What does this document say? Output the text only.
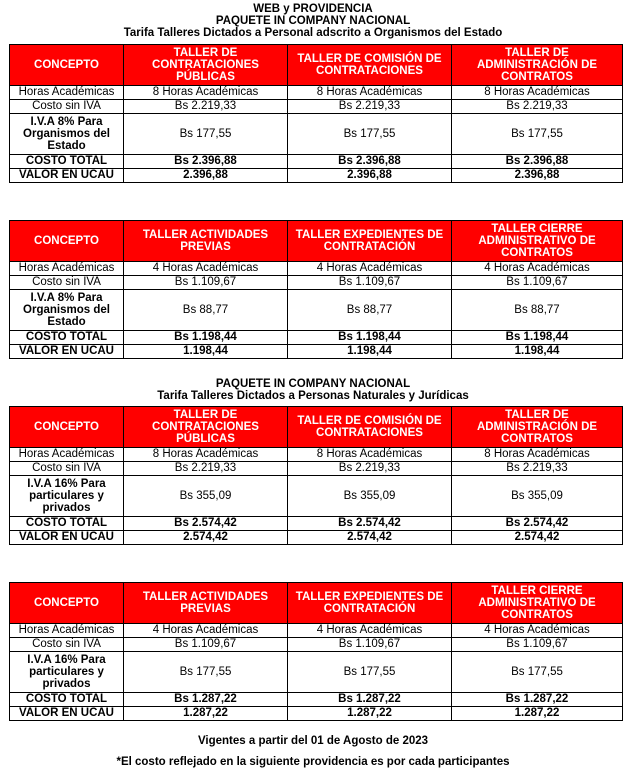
WEB y PROVIDENCIA
PAQUETE IN COMPANY NACIONAL
Tarifa Talleres Dictados a Personal adscrito a Organismos del Estado
CONCEPTO	TALLER DE CONTRATACIONES PÚBLICAS	TALLER DE COMISIÓN DE CONTRATACIONES	TALLER DE ADMINISTRACIÓN DE CONTRATOS
Horas Académicas	8 Horas Académicas	8 Horas Académicas	8 Horas Académicas
Costo sin IVA	Bs 2.219,33	Bs 2.219,33	Bs 2.219,33
I.V.A 8% Para Organismos del Estado	Bs 177,55	Bs 177,55	Bs 177,55
COSTO TOTAL	Bs 2.396,88	Bs 2.396,88	Bs 2.396,88
VALOR EN UCAU	2.396,88	2.396,88	2.396,88
CONCEPTO	TALLER ACTIVIDADES PREVIAS	TALLER EXPEDIENTES DE CONTRATACIÓN	TALLER CIERRE ADMINISTRATIVO DE CONTRATOS
Horas Académicas	4 Horas Académicas	4 Horas Académicas	4 Horas Académicas
Costo sin IVA	Bs 1.109,67	Bs 1.109,67	Bs 1.109,67
I.V.A 8% Para Organismos del Estado	Bs 88,77	Bs 88,77	Bs 88,77
COSTO TOTAL	Bs 1.198,44	Bs 1.198,44	Bs 1.198,44
VALOR EN UCAU	1.198,44	1.198,44	1.198,44
CONCEPTO	TALLER DE CONTRATACIONES PÚBLICAS	TALLER DE COMISIÓN DE CONTRATACIONES	TALLER DE ADMINISTRACIÓN DE CONTRATOS
Horas Académicas	8 Horas Académicas	8 Horas Académicas	8 Horas Académicas
Costo sin IVA	Bs 2.219,33	Bs 2.219,33	Bs 2.219,33
I.V.A 16% Para particulares y privados	Bs 355,09	Bs 355,09	Bs 355,09
COSTO TOTAL	Bs 2.574,42	Bs 2.574,42	Bs 2.574,42
VALOR EN UCAU	2.574,42	2.574,42	2.574,42
CONCEPTO	TALLER ACTIVIDADES PREVIAS	TALLER EXPEDIENTES DE CONTRATACIÓN	TALLER CIERRE ADMINISTRATIVO DE CONTRATOS
Horas Académicas	4 Horas Académicas	4 Horas Académicas	4 Horas Académicas
Costo sin IVA	Bs 1.109,67	Bs 1.109,67	Bs 1.109,67
I.V.A 16% Para particulares y privados	Bs 177,55	Bs 177,55	Bs 177,55
COSTO TOTAL	Bs 1.287,22	Bs 1.287,22	Bs 1.287,22
VALOR EN UCAU	1.287,22	1.287,22	1.287,22
PAQUETE IN COMPANY NACIONAL
Tarifa Talleres Dictados a Personas Naturales y Jurídicas
Vigentes a partir del 01 de Agosto de 2023
*El costo reflejado en la siguiente providencia es por cada participantes
